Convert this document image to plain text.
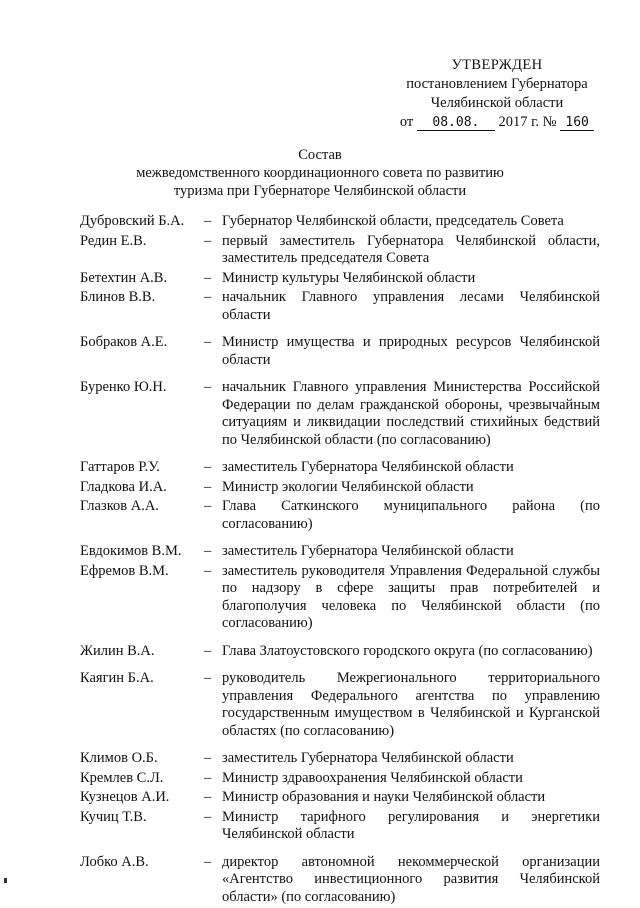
УТВЕРЖДЕН
постановлением Губернатора
Челябинской области
от 08.08. 2017 г. № 160
Состав
межведомственного координационного совета по развитию
туризма при Губернаторе Челябинской области
Дубровский Б.А.	– Губернатор Челябинской области, председатель Совета
Редин Е.В.	– первый заместитель Губернатора Челябинской области, заместитель председателя Совета
Бетехтин А.В.	– Министр культуры Челябинской области
Блинов В.В.	– начальник Главного управления лесами Челябинской области
Бобраков А.Е.	– Министр имущества и природных ресурсов Челябинской области
Буренко Ю.Н.	– начальник Главного управления Министерства Российской Федерации по делам гражданской обороны, чрезвычайным ситуациям и ликвидации последствий стихийных бедствий по Челябинской области (по согласованию)
Гаттаров Р.У.	– заместитель Губернатора Челябинской области
Гладкова И.А.	– Министр экологии Челябинской области
Глазков А.А.	– Глава Саткинского муниципального района (по согласованию)
Евдокимов В.М.	– заместитель Губернатора Челябинской области
Ефремов В.М.	– заместитель руководителя Управления Федеральной службы по надзору в сфере защиты прав потребителей и благополучия человека по Челябинской области (по согласованию)
Жилин В.А.	– Глава Златоустовского городского округа (по согласованию)
Каягин Б.А.	– руководитель Межрегионального территориального управления Федерального агентства по управлению государственным имуществом в Челябинской и Курганской областях (по согласованию)
Климов О.Б.	– заместитель Губернатора Челябинской области
Кремлев С.Л.	– Министр здравоохранения Челябинской области
Кузнецов А.И.	– Министр образования и науки Челябинской области
Кучиц Т.В.	– Министр тарифного регулирования и энергетики Челябинской области
Лобко А.В.	– директор автономной некоммерческой организации «Агентство инвестиционного развития Челябинской области» (по согласованию)
